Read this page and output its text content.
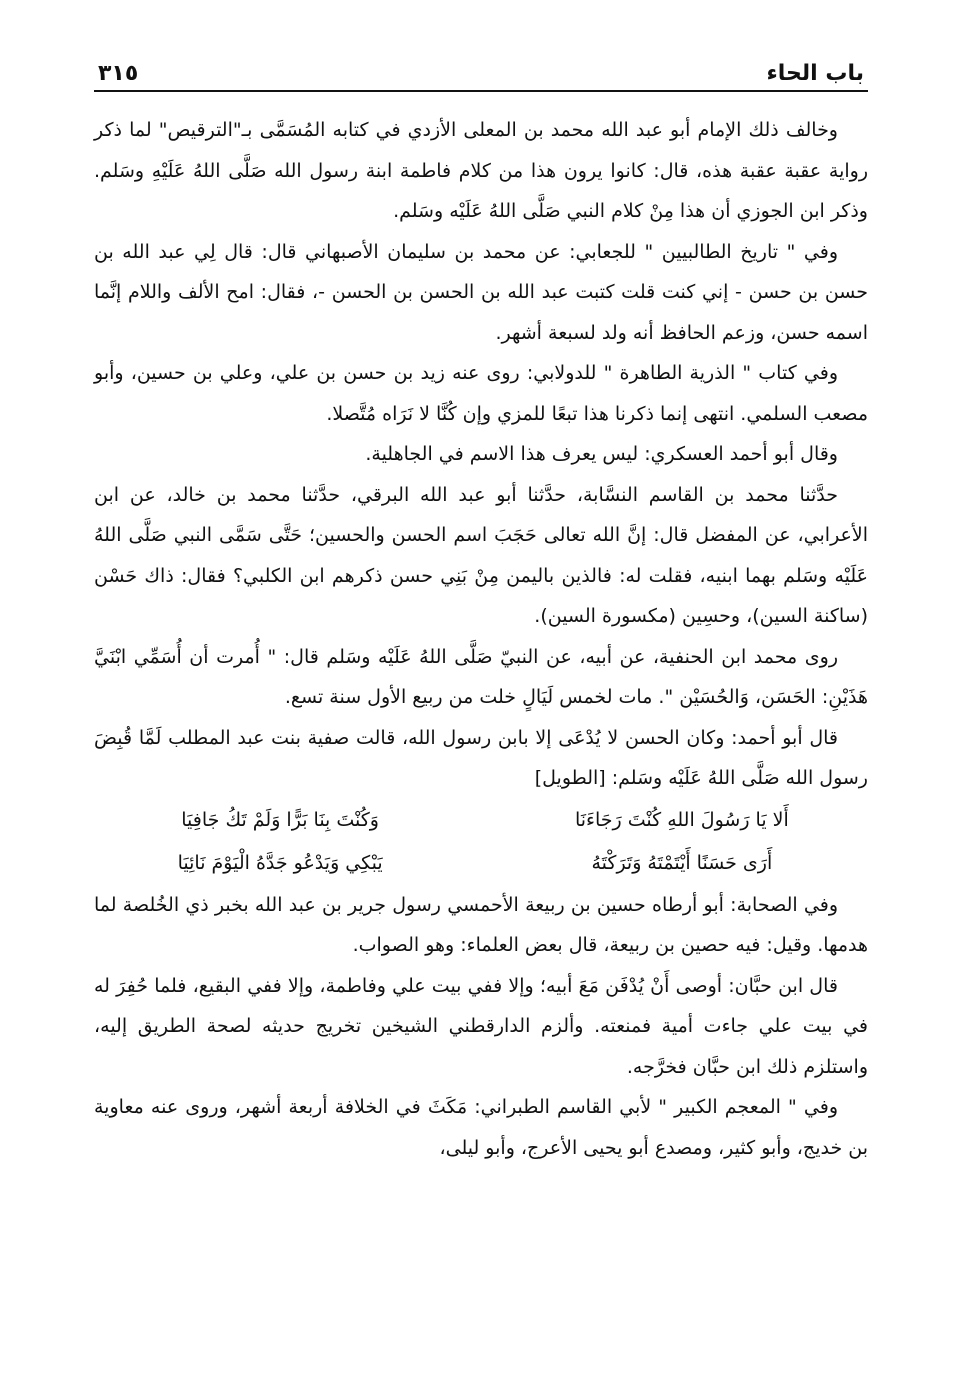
باب الحاء
٣١٥

وخالف ذلك الإمام أبو عبد الله محمد بن المعلى الأزدي في كتابه المُسَمَّى بـ"الترقيص" لما ذكر رواية عقبة عقبة هذه، قال: كانوا يرون هذا من كلام فاطمة ابنة رسول الله صَلَّى اللهُ عَلَيْهِ وسَلم. وذكر ابن الجوزي أن هذا مِنْ كلام النبي صَلَّى اللهُ عَلَيْه وسَلم.

وفي " تاريخ الطالبيين " للجعابي: عن محمد بن سليمان الأصبهاني قال: قال لِي عبد الله بن حسن بن حسن - إني كنت قلت كتبت عبد الله بن الحسن بن الحسن -، فقال: امح الألف واللام إنَّما اسمه حسن، وزعم الحافظ أنه ولد لسبعة أشهر.

وفي كتاب " الذرية الطاهرة " للدولابي: روى عنه زيد بن حسن بن علي، وعلي بن حسين، وأبو مصعب السلمي. انتهى إنما ذكرنا هذا تبعًا للمزي وإن كُنَّا لا نَرَاه مُتَّصلا.

وقال أبو أحمد العسكري: ليس يعرف هذا الاسم في الجاهلية.

حدَّثنا محمد بن القاسم النسَّابة، حدَّثنا أبو عبد الله البرقي، حدَّثنا محمد بن خالد، عن ابن الأعرابي، عن المفضل قال: إنَّ الله تعالى حَجَبَ اسم الحسن والحسين؛ حَتَّى سَمَّى النبي صَلَّى اللهُ عَلَيْه وسَلم بهما ابنيه، فقلت له: فالذين باليمن مِنْ بَنِي حسن ذكرهم ابن الكلبي؟ فقال: ذاك حَسْن (ساكنة السين)، وحسِين (مكسورة السين).

روى محمد ابن الحنفية، عن أبيه، عن النبيّ صَلَّى اللهُ عَلَيْه وسَلم قال: " أُمرت أن أُسَمِّي ابْنَيَّ هَذَيْنِ: الحَسَن، وَالحُسَيْن ". مات لخمس لَيَالٍ خلت من ربيع الأول سنة تسع.

قال أبو أحمد: وكان الحسن لا يُدْعَى إلا بابن رسول الله، قالت صفية بنت عبد المطلب لَمَّا قُبِضَ رسول الله صَلَّى اللهُ عَلَيْه وسَلم: [الطويل]

أَلا يَا رَسُولَ اللهِ كُنْتَ رَجَاءَنَا
وَكُنْتَ بِنَا بَرًّا وَلَمْ تَكُ جَافِيَا
أَرَى حَسَنًا أَيْتَمْتَهُ وَتَرَكْتَهُ
يَبْكِي وَيَدْعُو جَدَّهُ الْيَوْمَ نَائِيَا

وفي الصحابة: أبو أرطاه حسين بن ربيعة الأحمسي رسول جرير بن عبد الله بخبر ذي الخُلصة لما هدمها. وقيل: فيه حصين بن ربيعة، قال بعض العلماء: وهو الصواب.

قال ابن حبَّان: أوصى أَنْ يُدْفَن مَعَ أبيه؛ وإلا ففي بيت علي وفاطمة، وإلا ففي البقيع، فلما حُفِرَ له في بيت علي جاءت أمية فمنعته. وألزم الدارقطني الشيخين تخريج حديثه لصحة الطريق إليه، واستلزم ذلك ابن حبَّان فخرَّجه.

وفي " المعجم الكبير " لأبي القاسم الطبراني: مَكَثَ في الخلافة أربعة أشهر، وروى عنه معاوية بن خديج، وأبو كثير، ومصدع أبو يحيى الأعرج، وأبو ليلى،
